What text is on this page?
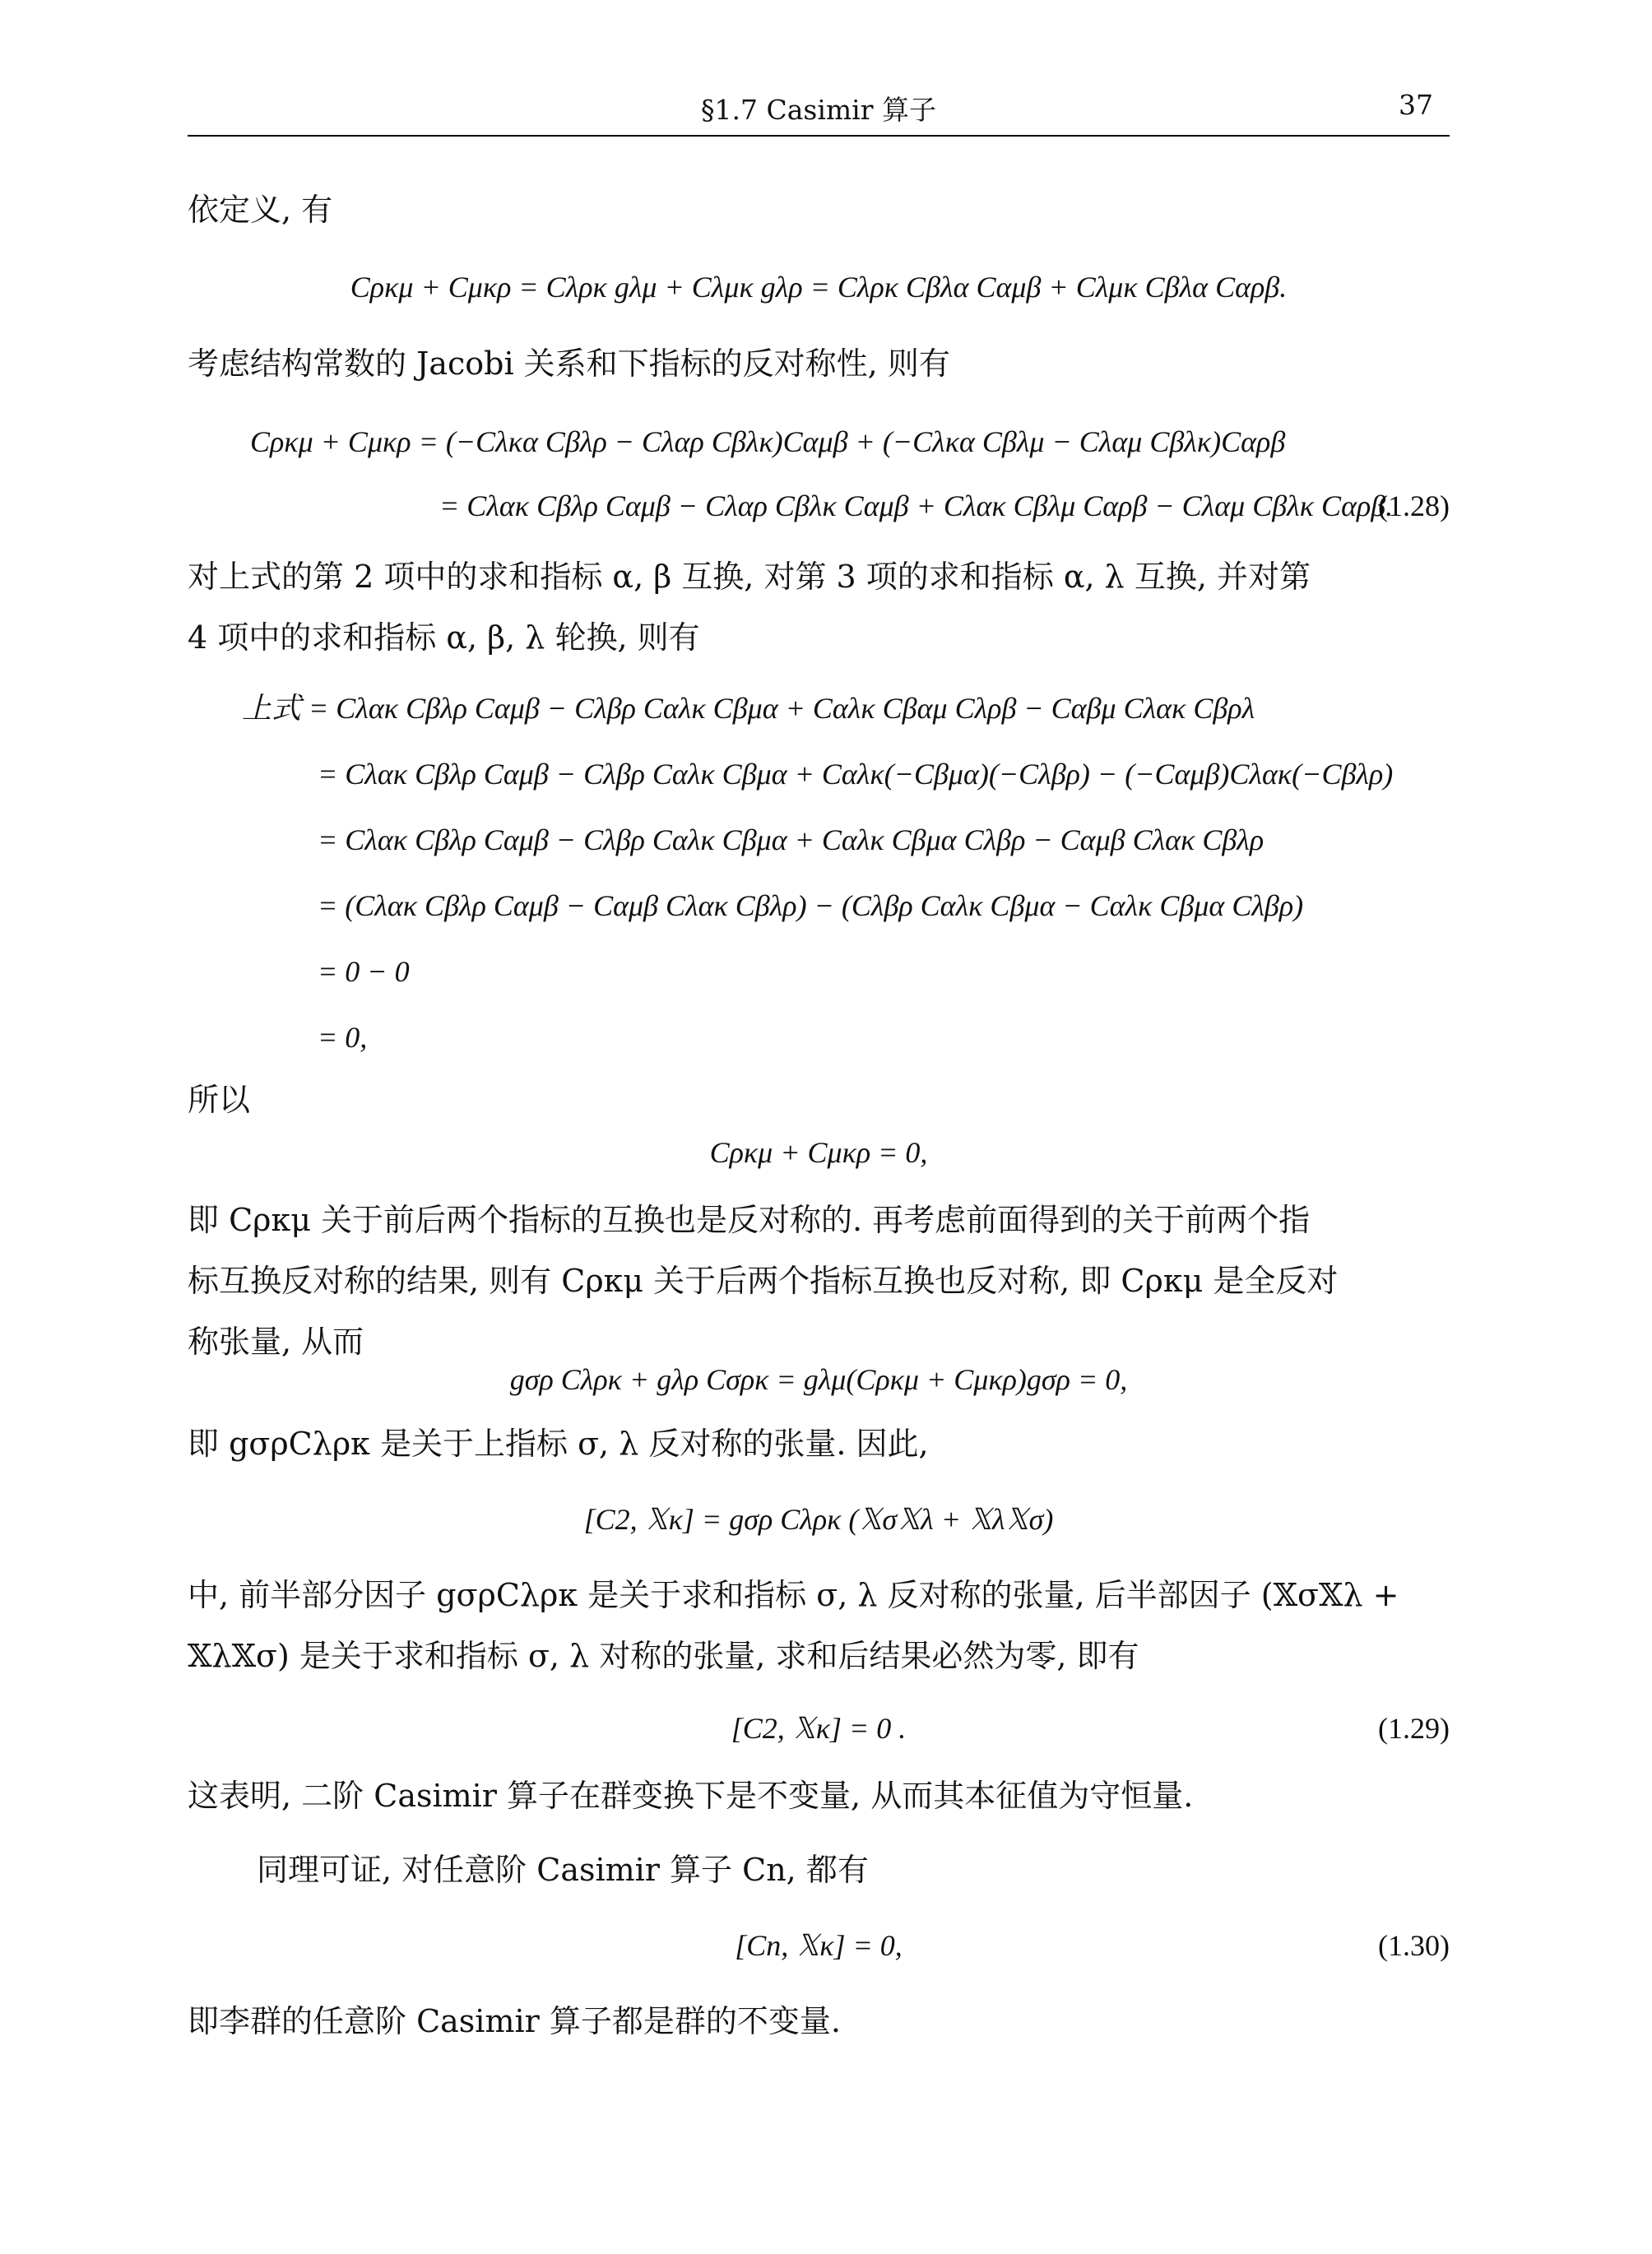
§1.7 Casimir 算子	37
依定义, 有
Cρκμ + Cμκρ = Cλρκ gλμ + Cλμκ gλρ = Cλρκ Cβλα Cαμβ + Cλμκ Cβλα Cαρβ.
考虑结构常数的 Jacobi 关系和下指标的反对称性, 则有
Cρκμ + Cμκρ = (−Cλκα Cβλρ − Cλαρ Cβλκ)Cαμβ + (−Cλκα Cβλμ − Cλαμ Cβλκ)Cαρβ
= Cλακ Cβλρ Cαμβ − Cλαρ Cβλκ Cαμβ + Cλακ Cβλμ Cαρβ − Cλαμ Cβλκ Cαρβ.
(1.28)
对上式的第 2 项中的求和指标 α, β 互换, 对第 3 项的求和指标 α, λ 互换, 并对第
4 项中的求和指标 α, β, λ 轮换, 则有
上式 = Cλακ Cβλρ Cαμβ − Cλβρ Cαλκ Cβμα + Cαλκ Cβαμ Cλρβ − Cαβμ Cλακ Cβρλ
= Cλακ Cβλρ Cαμβ − Cλβρ Cαλκ Cβμα + Cαλκ(−Cβμα)(−Cλβρ) − (−Cαμβ)Cλακ(−Cβλρ)
= Cλακ Cβλρ Cαμβ − Cλβρ Cαλκ Cβμα + Cαλκ Cβμα Cλβρ − Cαμβ Cλακ Cβλρ
= (Cλακ Cβλρ Cαμβ − Cαμβ Cλακ Cβλρ) − (Cλβρ Cαλκ Cβμα − Cαλκ Cβμα Cλβρ)
= 0 − 0
= 0,
所以
Cρκμ + Cμκρ = 0,
即 Cρκμ 关于前后两个指标的互换也是反对称的. 再考虑前面得到的关于前两个指
标互换反对称的结果, 则有 Cρκμ 关于后两个指标互换也反对称, 即 Cρκμ 是全反对
称张量, 从而
gσρ Cλρκ + gλρ Cσρκ = gλμ(Cρκμ + Cμκρ)gσρ = 0,
即 gσρCλρκ 是关于上指标 σ, λ 反对称的张量. 因此,
[C2, 𝕏κ] = gσρ Cλρκ (𝕏σ𝕏λ + 𝕏λ𝕏σ)
中, 前半部分因子 gσρCλρκ 是关于求和指标 σ, λ 反对称的张量, 后半部因子 (𝕏σ𝕏λ +
𝕏λ𝕏σ) 是关于求和指标 σ, λ 对称的张量, 求和后结果必然为零, 即有
[C2, 𝕏κ] = 0 .	(1.29)
这表明, 二阶 Casimir 算子在群变换下是不变量, 从而其本征值为守恒量.
同理可证, 对任意阶 Casimir 算子 Cn, 都有
[Cn, 𝕏κ] = 0,	(1.30)
即李群的任意阶 Casimir 算子都是群的不变量.
